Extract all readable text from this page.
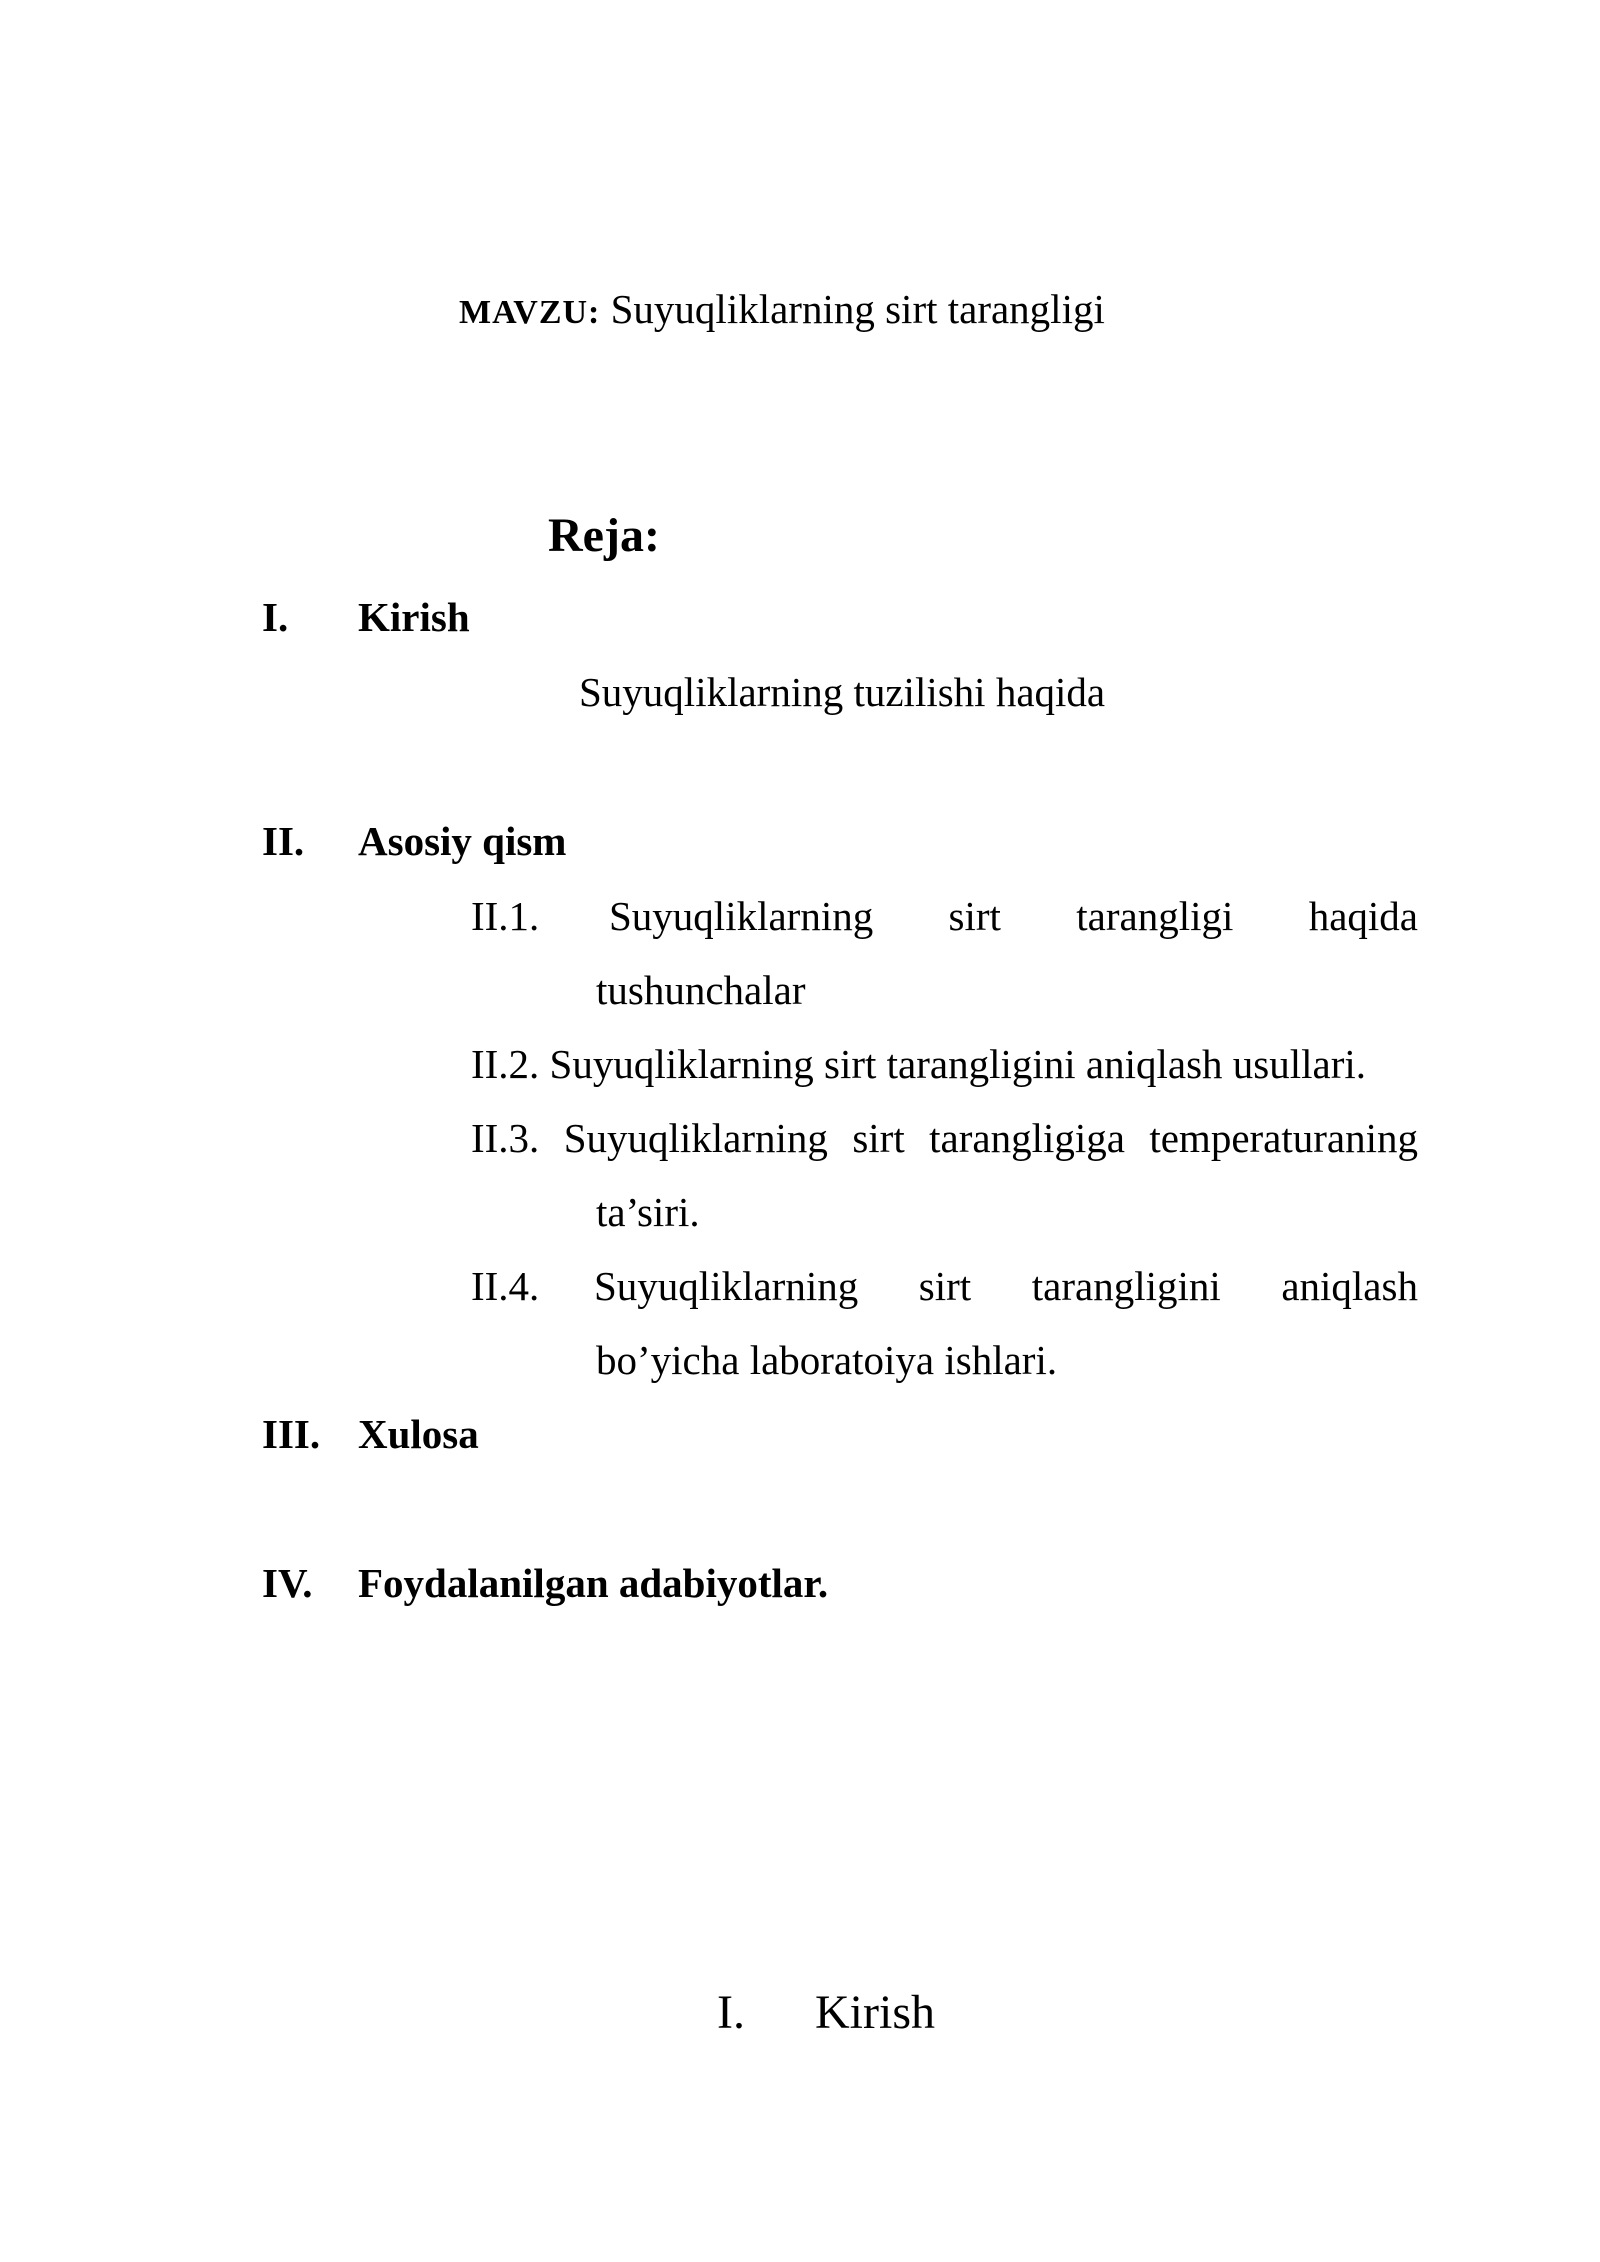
MAVZU: Suyuqliklarning sirt tarangligi
Reja:
I. Kirish
Suyuqliklarning tuzilishi haqida
II. Asosiy qism
II.1. Suyuqliklarning sirt tarangligi haqida
tushunchalar
II.2. Suyuqliklarning sirt tarangligini aniqlash usullari.
II.3. Suyuqliklarning sirt tarangligiga temperaturaning
ta’siri.
II.4. Suyuqliklarning sirt tarangligini aniqlash
bo’yicha laboratoiya ishlari.
III. Xulosa
IV. Foydalanilgan adabiyotlar.
I. Kirish
